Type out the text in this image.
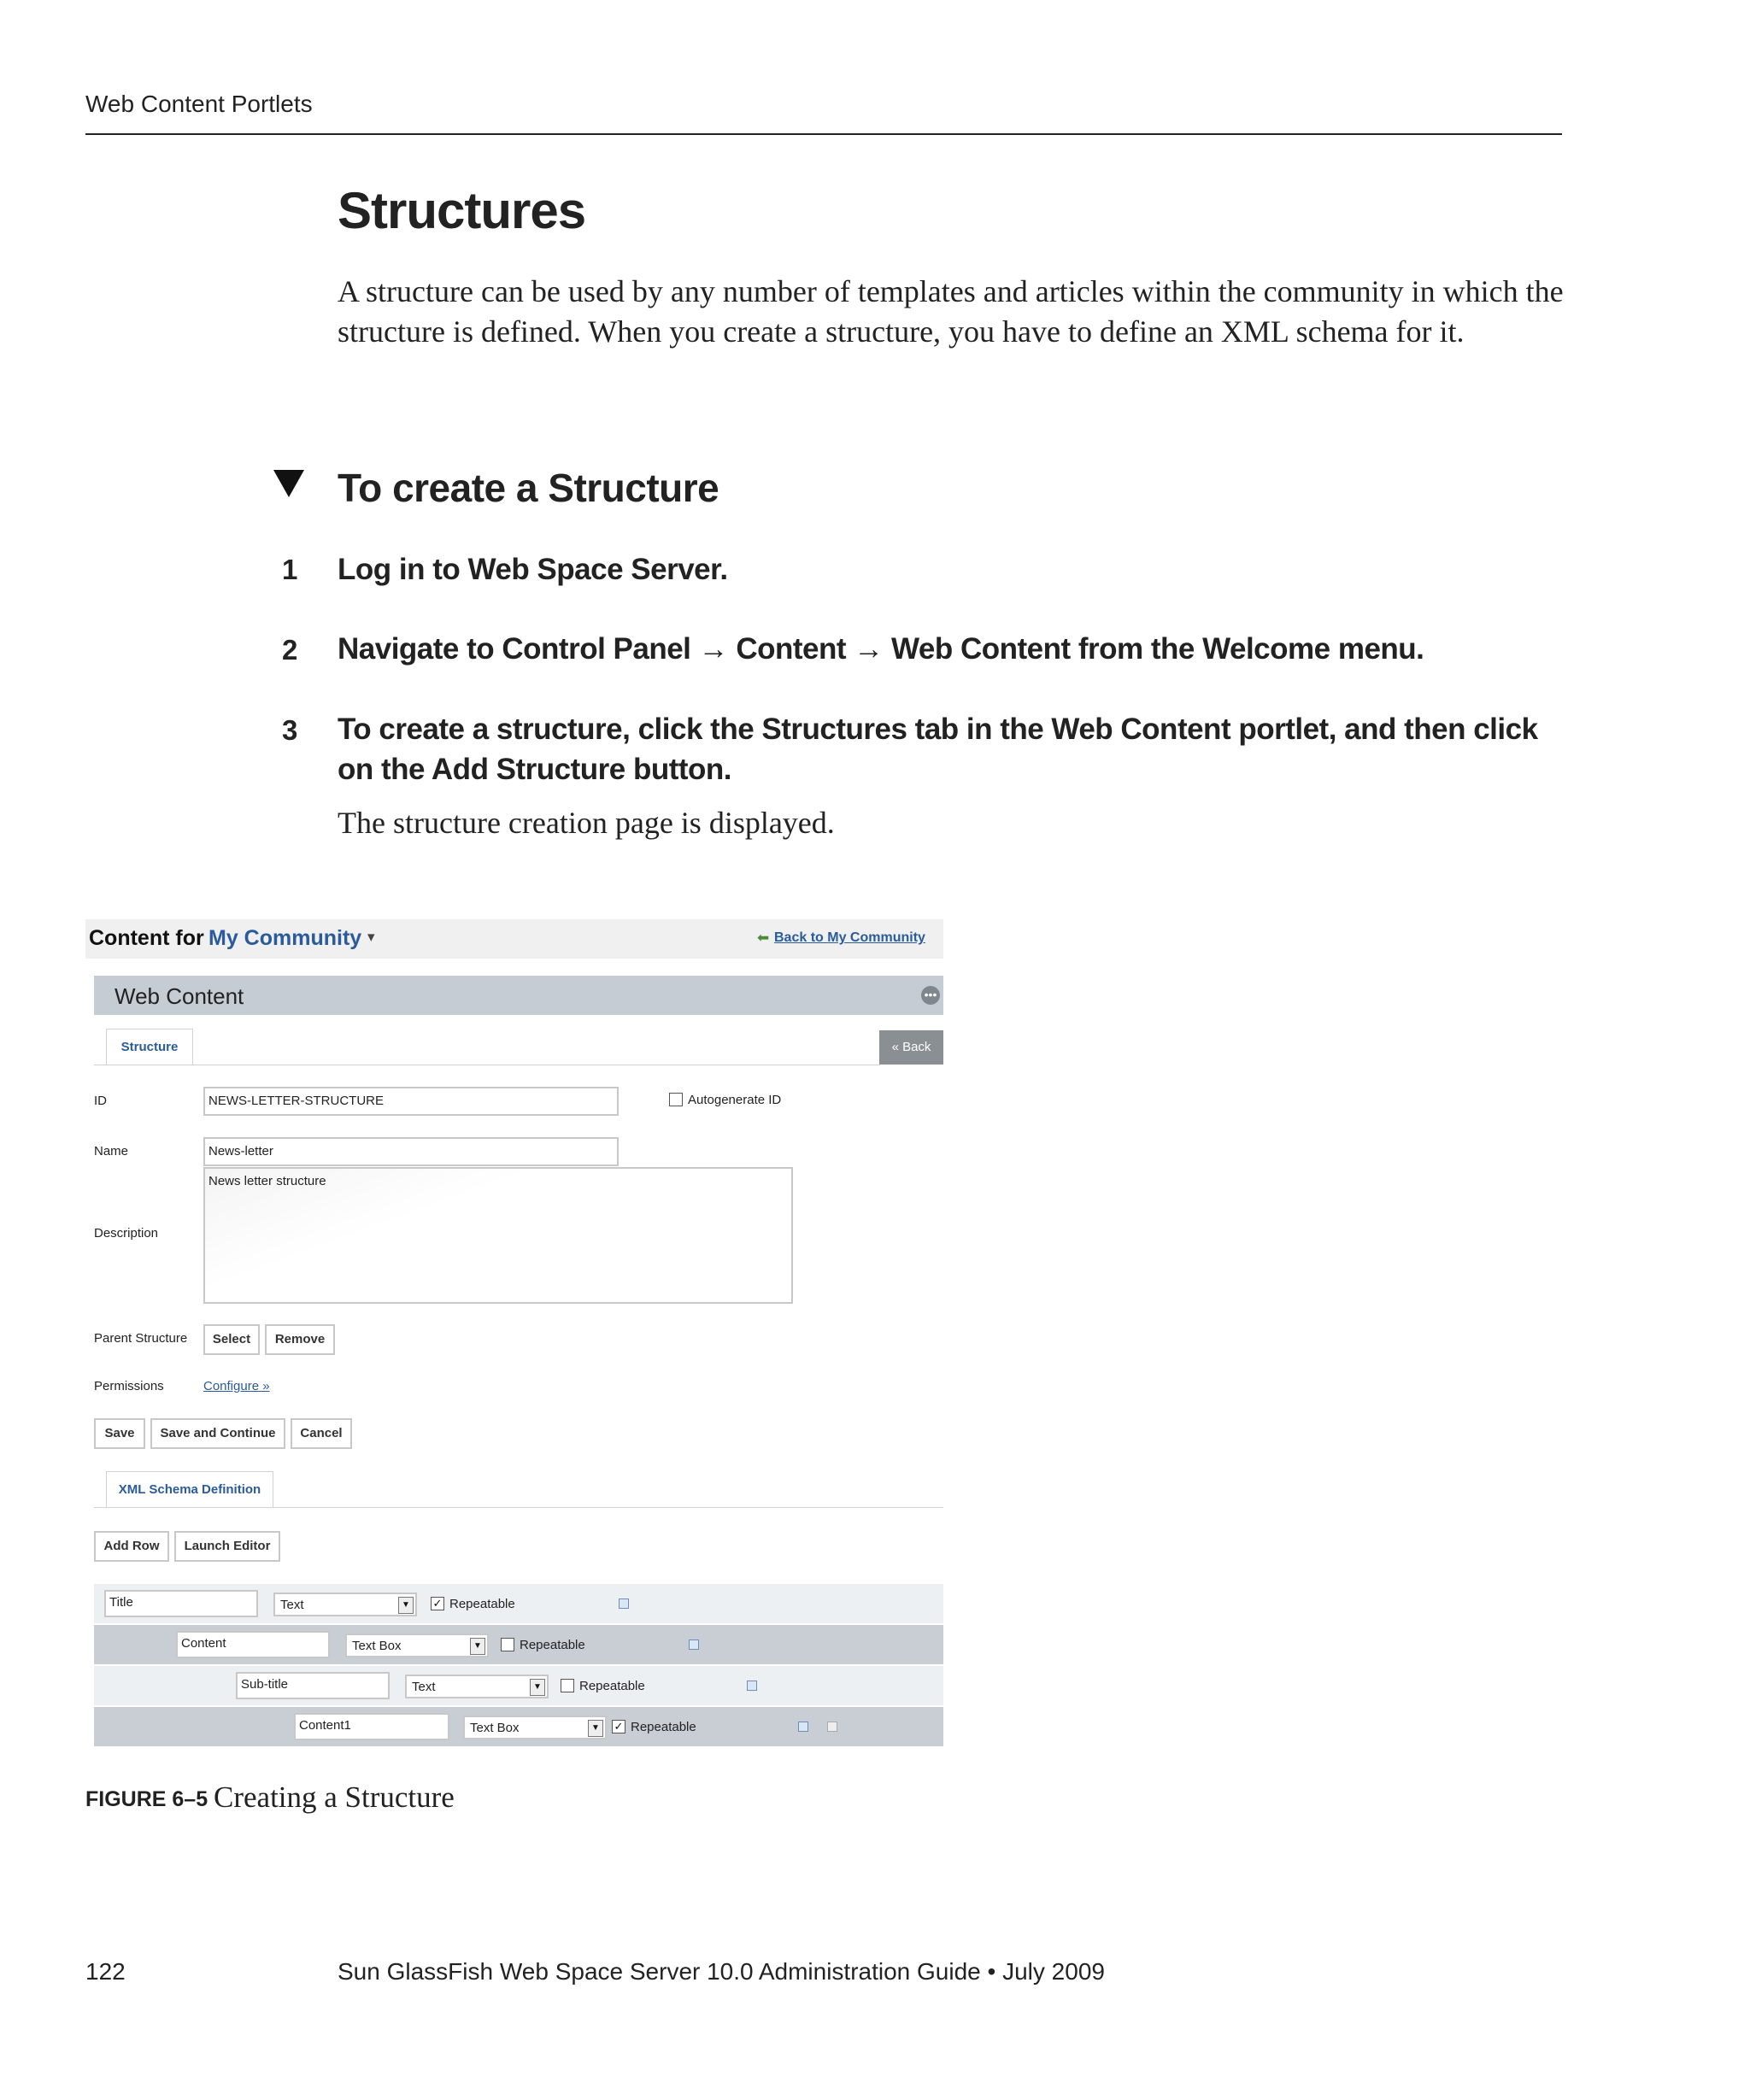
Web Content Portlets
Structures
A structure can be used by any number of templates and articles within the community in which the structure is defined. When you create a structure, you have to define an XML schema for it.
To create a Structure
1 Log in to Web Space Server.
2 Navigate to Control Panel → Content → Web Content from the Welcome menu.
3 To create a structure, click the Structures tab in the Web Content portlet, and then click on the Add Structure button.
The structure creation page is displayed.
Content for My Community ▾	⬅ Back to My Community
Web Content	•••
Structure	« Back
ID	NEWS-LETTER-STRUCTURE	Autogenerate ID
Name	News-letter
Description
News letter structure
Parent Structure	Select	Remove
Permissions	Configure »
Save	Save and Continue	Cancel
XML Schema Definition
Add Row	Launch Editor
Title	Text	▼	✓ Repeatable
Content	Text Box	▼	Repeatable
Sub-title	Text	▼	Repeatable
Content1	Text Box	▼	✓ Repeatable
FIGURE 6–5 Creating a Structure
122	Sun GlassFish Web Space Server 10.0 Administration Guide • July 2009
